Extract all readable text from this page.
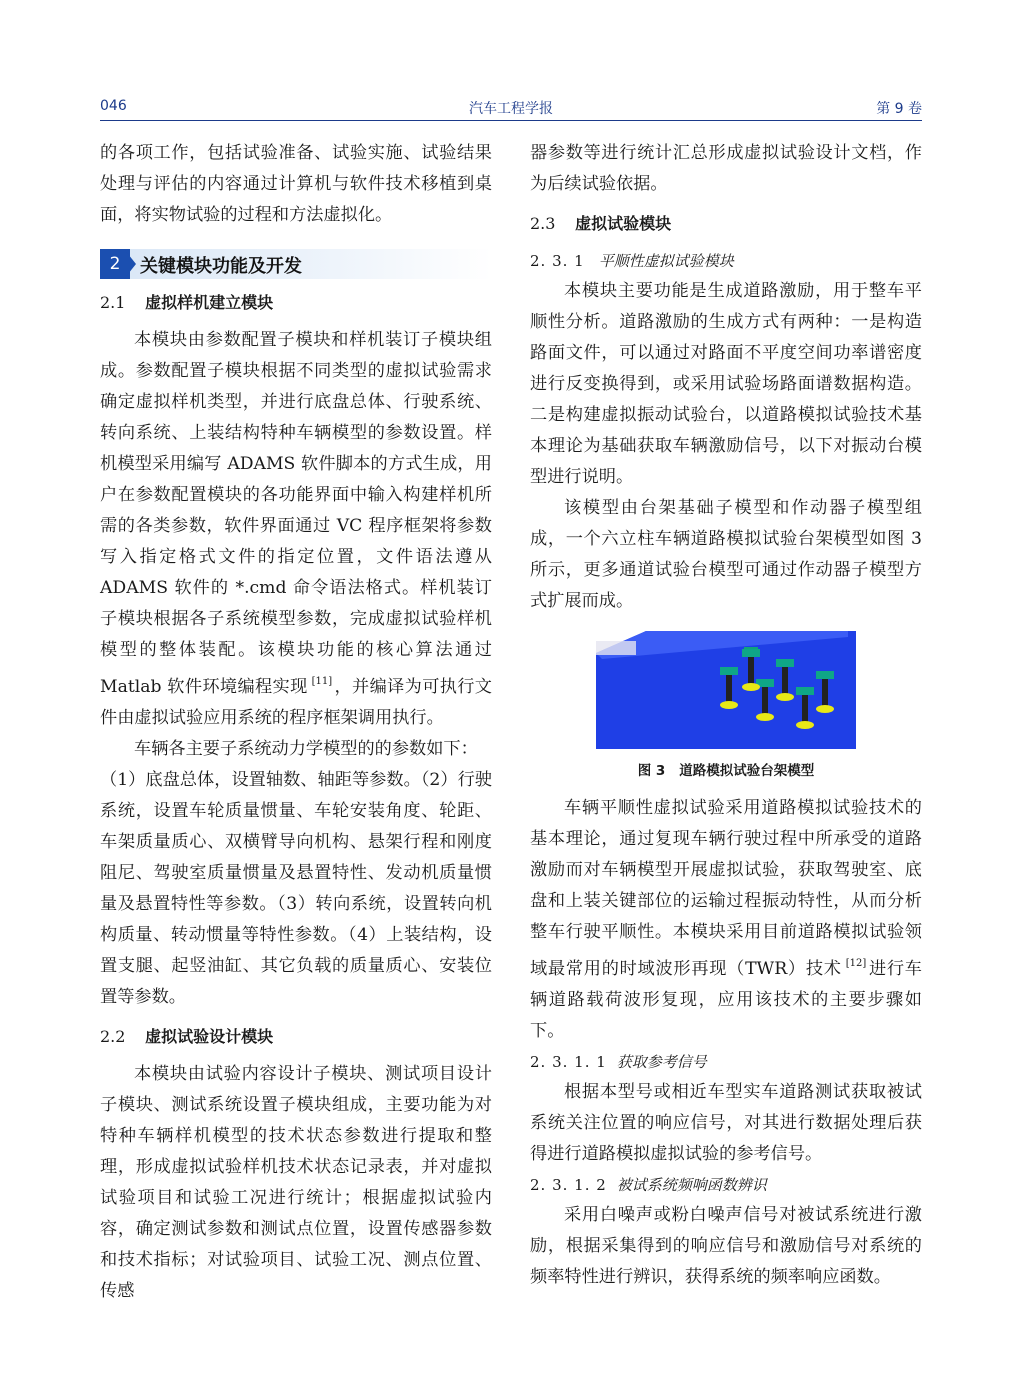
046	汽车工程学报	第 9 卷

的各项工作，包括试验准备、试验实施、试验结果处理与评估的内容通过计算机与软件技术移植到桌面，将实物试验的过程和方法虚拟化。

2	关键模块功能及开发
2.1 虚拟样机建立模块

本模块由参数配置子模块和样机装订子模块组成。参数配置子模块根据不同类型的虚拟试验需求确定虚拟样机类型，并进行底盘总体、行驶系统、转向系统、上装结构特种车辆模型的参数设置。样机模型采用编写 ADAMS 软件脚本的方式生成，用户在参数配置模块的各功能界面中输入构建样机所需的各类参数，软件界面通过 VC 程序框架将参数写入指定格式文件的指定位置，文件语法遵从 ADAMS 软件的 *.cmd 命令语法格式。样机装订子模块根据各子系统模型参数，完成虚拟试验样机模型的整体装配。该模块功能的核心算法通过 Matlab 软件环境编程实现 [11] ，并编译为可执行文件由虚拟试验应用系统的程序框架调用执行。

车辆各主要子系统动力学模型的的参数如下：

（1）底盘总体，设置轴数、轴距等参数。（2）行驶系统，设置车轮质量惯量、车轮安装角度、轮距、车架质量质心、双横臂导向机构、悬架行程和刚度阻尼、驾驶室质量惯量及悬置特性、发动机质量惯量及悬置特性等参数。（3）转向系统，设置转向机构质量、转动惯量等特性参数。（4）上装结构，设置支腿、起竖油缸、其它负载的质量质心、安装位置等参数。

2.2 虚拟试验设计模块

本模块由试验内容设计子模块、测试项目设计子模块、测试系统设置子模块组成，主要功能为对特种车辆样机模型的技术状态参数进行提取和整理，形成虚拟试验样机技术状态记录表，并对虚拟试验项目和试验工况进行统计；根据虚拟试验内容，确定测试参数和测试点位置，设置传感器参数和技术指标；对试验项目、试验工况、测点位置、传感

器参数等进行统计汇总形成虚拟试验设计文档，作为后续试验依据。

2.3 虚拟试验模块
2. 3. 1 平顺性虚拟试验模块

本模块主要功能是生成道路激励，用于整车平顺性分析。道路激励的生成方式有两种：一是构造路面文件，可以通过对路面不平度空间功率谱密度进行反变换得到，或采用试验场路面谱数据构造。二是构建虚拟振动试验台，以道路模拟试验技术基本理论为基础获取车辆激励信号，以下对振动台模型进行说明。

该模型由台架基础子模型和作动器子模型组成，一个六立柱车辆道路模拟试验台架模型如图 3 所示，更多通道试验台模型可通过作动器子模型方式扩展而成。

图 3 道路模拟试验台架模型

车辆平顺性虚拟试验采用道路模拟试验技术的基本理论，通过复现车辆行驶过程中所承受的道路激励而对车辆模型开展虚拟试验，获取驾驶室、底盘和上装关键部位的运输过程振动特性，从而分析整车行驶平顺性。本模块采用目前道路模拟试验领域最常用的时域波形再现（TWR）技术 [12] 进行车辆道路载荷波形复现，应用该技术的主要步骤如下。

2. 3. 1. 1 获取参考信号

根据本型号或相近车型实车道路测试获取被试系统关注位置的响应信号，对其进行数据处理后获得进行道路模拟虚拟试验的参考信号。

2. 3. 1. 2 被试系统频响函数辨识

采用白噪声或粉白噪声信号对被试系统进行激励，根据采集得到的响应信号和激励信号对系统的频率特性进行辨识，获得系统的频率响应函数。
